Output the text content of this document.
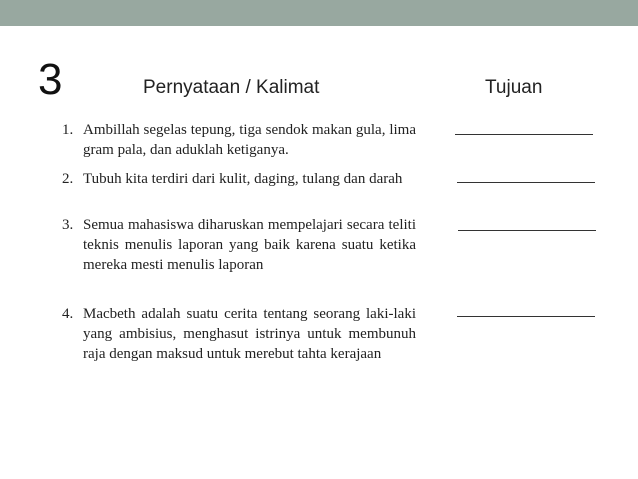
3	Pernyataan / Kalimat	Tujuan
1. Ambillah segelas tepung, tiga sendok makan gula, lima gram pala, dan aduklah ketiganya.
2. Tubuh kita terdiri dari kulit, daging, tulang dan darah
3. Semua mahasiswa diharuskan mempelajari secara teliti teknis menulis laporan yang baik karena suatu ketika mereka mesti menulis laporan
4. Macbeth adalah suatu cerita tentang seorang laki-laki yang ambisius, menghasut istrinya untuk membunuh raja dengan maksud untuk merebut tahta kerajaan
